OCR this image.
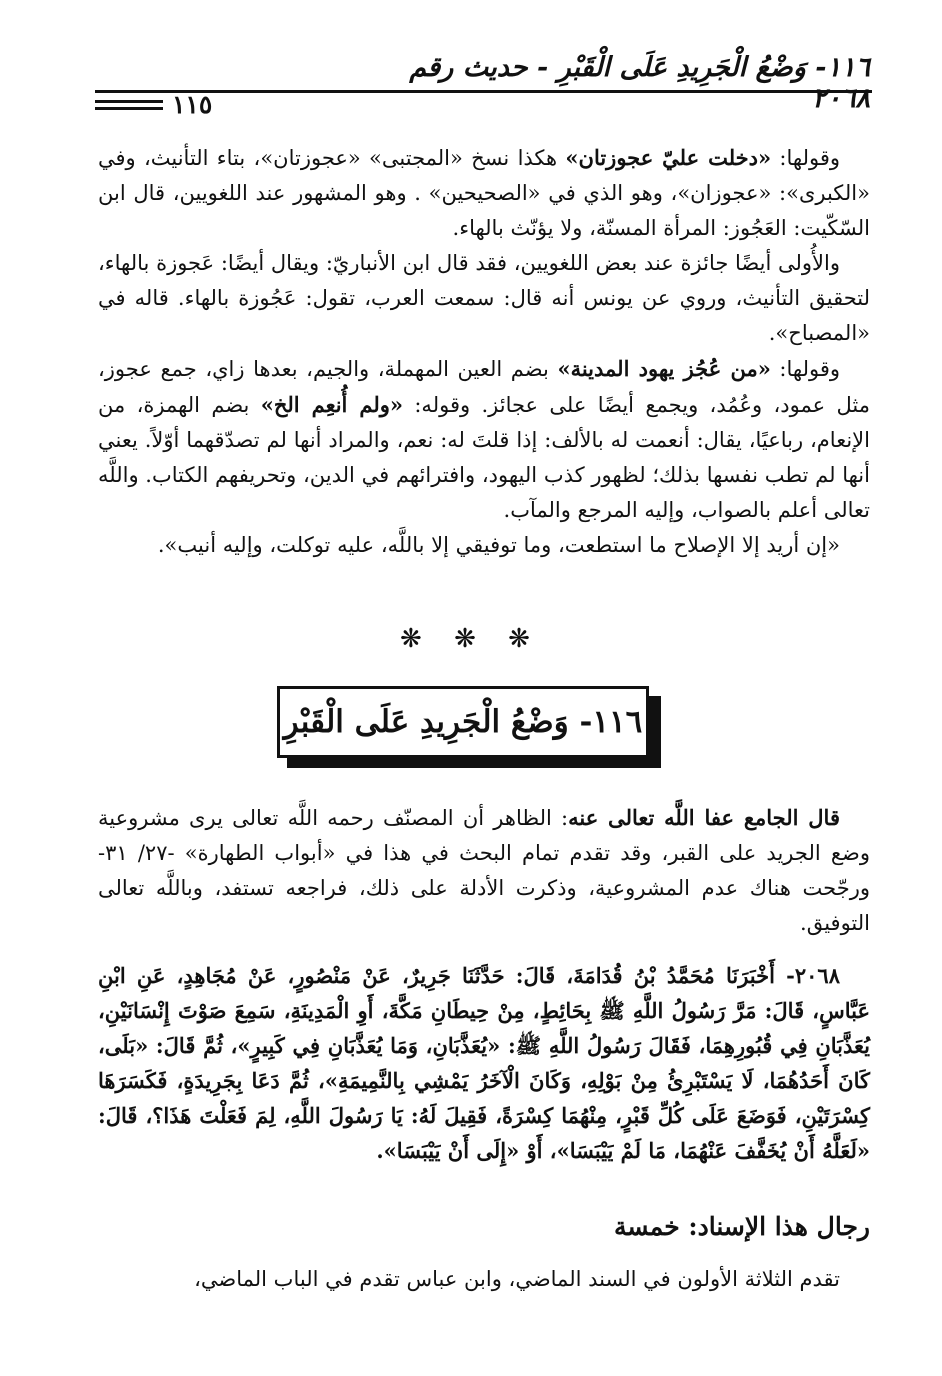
١١٦- وَضْعُ الْجَرِيدِ عَلَى الْقَبْرِ - حديث رقم ٢٠٦٨
١١٥

وقولها: «دخلت عليّ عجوزتان» هكذا نسخ «المجتبى» «عجوزتان»، بتاء التأنيث، وفي «الكبرى»: «عجوزان»، وهو الذي في «الصحيحين» . وهو المشهور عند اللغويين، قال ابن السّكّيت: العَجُوز: المرأة المسنّة، ولا يؤنّث بالهاء.

والأُولى أيضًا جائزة عند بعض اللغويين، فقد قال ابن الأنباريّ: ويقال أيضًا: عَجوزة بالهاء، لتحقيق التأنيث، وروي عن يونس أنه قال: سمعت العرب، تقول: عَجُوزة بالهاء. قاله في «المصباح».

وقولها: «من عُجُز يهود المدينة» بضم العين المهملة، والجيم، بعدها زاي، جمع عجوز، مثل عمود، وعُمُد، ويجمع أيضًا على عجائز. وقوله: «ولم أُنعِم الخ» بضم الهمزة، من الإنعام، رباعيًا، يقال: أنعمت له بالألف: إذا قلتَ له: نعم، والمراد أنها لم تصدّقهما أوّلاً. يعني أنها لم تطب نفسها بذلك؛ لظهور كذب اليهود، وافترائهم في الدين، وتحريفهم الكتاب. واللَّه تعالى أعلم بالصواب، وإليه المرجع والمآب.

«إن أريد إلا الإصلاح ما استطعت، وما توفيقي إلا باللَّه، عليه توكلت، وإليه أنيب».

❋ ❋ ❋
١١٦- وَضْعُ الْجَرِيدِ عَلَى الْقَبْرِ

قال الجامع عفا اللَّه تعالى عنه: الظاهر أن المصنّف رحمه اللَّه تعالى يرى مشروعية وضع الجريد على القبر، وقد تقدم تمام البحث في هذا في «أبواب الطهارة» -٢٧/ ٣١- ورجّحت هناك عدم المشروعية، وذكرت الأدلة على ذلك، فراجعه تستفد، وباللَّه تعالى التوفيق.

٢٠٦٨- أَخْبَرَنَا مُحَمَّدُ بْنُ قُدَامَةَ، قَالَ: حَدَّثَنَا جَرِيرٌ، عَنْ مَنْصُورٍ، عَنْ مُجَاهِدٍ، عَنِ ابْنِ عَبَّاسٍ، قَالَ: مَرَّ رَسُولُ اللَّهِ ﷺ بِحَائِطٍ، مِنْ حِيطَانِ مَكَّةَ، أَوِ الْمَدِينَةِ، سَمِعَ صَوْتَ إِنْسَانَيْنِ، يُعَذَّبَانِ فِي قُبُورِهِمَا، فَقَالَ رَسُولُ اللَّهِ ﷺ: «يُعَذَّبَانِ، وَمَا يُعَذَّبَانِ فِي كَبِيرٍ»، ثُمَّ قَالَ: «بَلَى، كَانَ أَحَدُهُمَا، لَا يَسْتَبْرِئُ مِنْ بَوْلِهِ، وَكَانَ الْآخَرُ يَمْشِي بِالنَّمِيمَةِ»، ثُمَّ دَعَا بِجَرِيدَةٍ، فَكَسَرَهَا كِسْرَتَيْنِ، فَوَضَعَ عَلَى كُلِّ قَبْرٍ، مِنْهُمَا كِسْرَةً، فَقِيلَ لَهُ: يَا رَسُولَ اللَّهِ، لِمَ فَعَلْتَ هَذَا؟، قَالَ: «لَعَلَّهُ أَنْ يُخَفَّفَ عَنْهُمَا، مَا لَمْ يَيْبَسَا»، أَوْ «إِلَى أَنْ يَيْبَسَا».

رجال هذا الإسناد: خمسة

تقدم الثلاثة الأولون في السند الماضي، وابن عباس تقدم في الباب الماضي،
